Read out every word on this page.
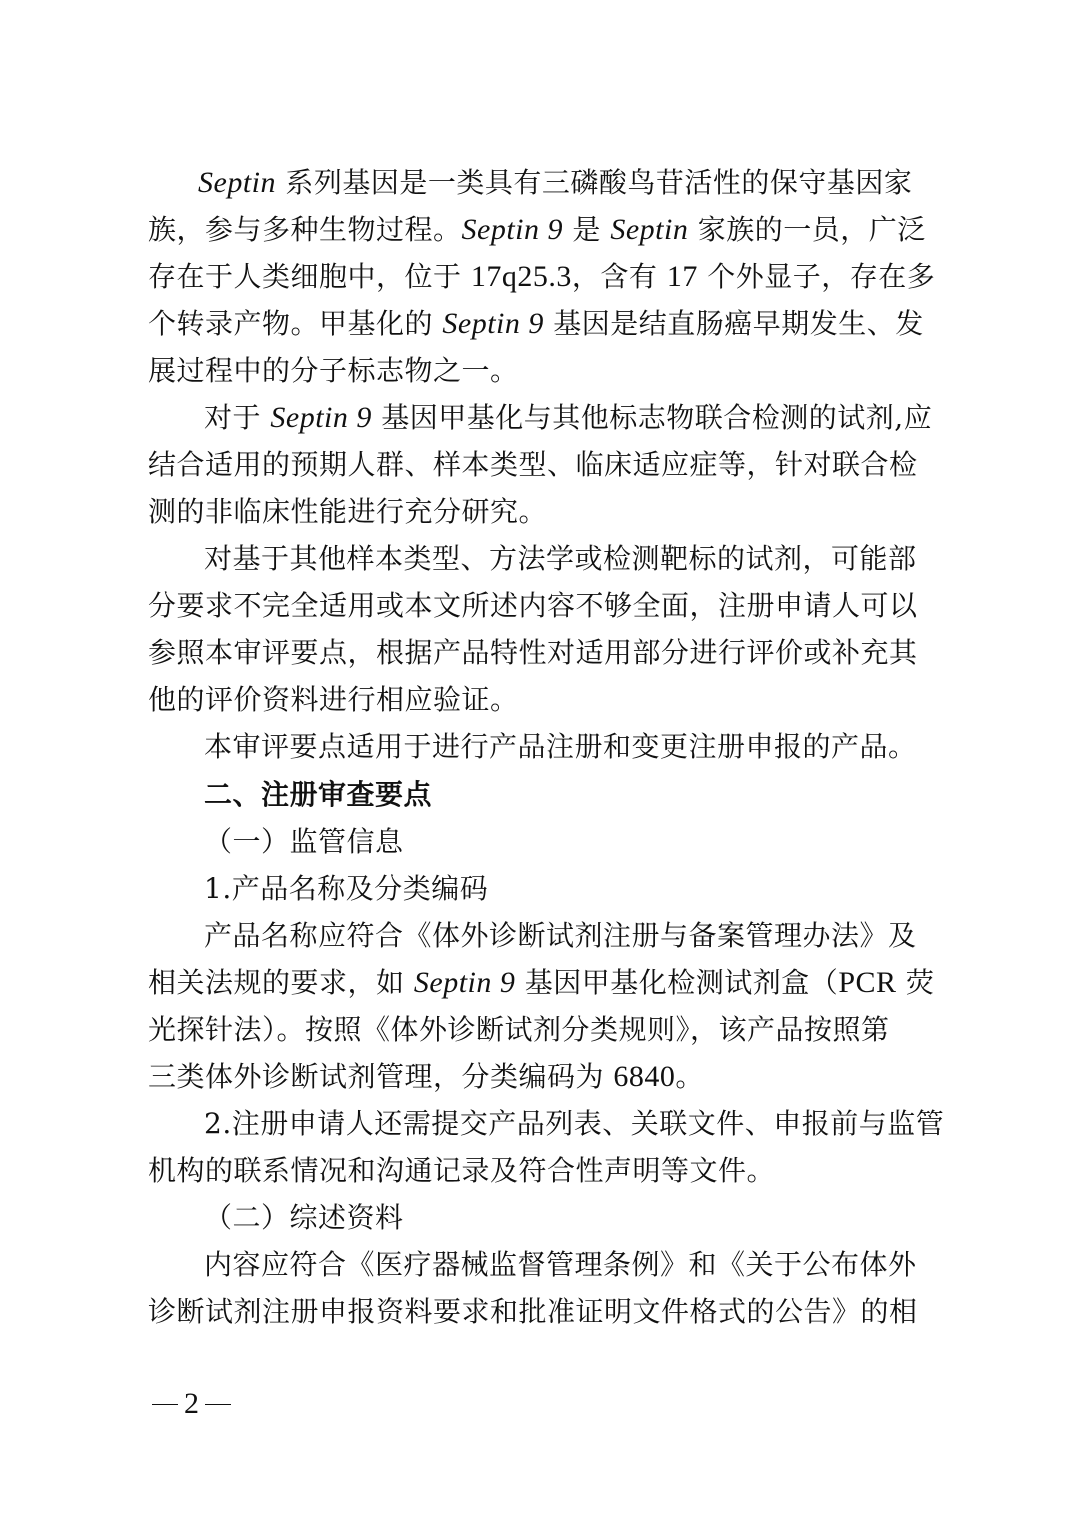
Septin 系列基因是一类具有三磷酸鸟苷活性的保守基因家
族，参与多种生物过程。Septin 9 是 Septin 家族的一员，广泛
存在于人类细胞中，位于 17q25.3，含有 17 个外显子，存在多
个转录产物。甲基化的 Septin 9 基因是结直肠癌早期发生、发
展过程中的分子标志物之一。
对于 Septin 9 基因甲基化与其他标志物联合检测的试剂,应
结合适用的预期人群、样本类型、临床适应症等，针对联合检
测的非临床性能进行充分研究。
对基于其他样本类型、方法学或检测靶标的试剂，可能部
分要求不完全适用或本文所述内容不够全面，注册申请人可以
参照本审评要点，根据产品特性对适用部分进行评价或补充其
他的评价资料进行相应验证。
本审评要点适用于进行产品注册和变更注册申报的产品。
二、注册审查要点
（一）监管信息
1.产品名称及分类编码
产品名称应符合《体外诊断试剂注册与备案管理办法》及
相关法规的要求，如 Septin 9 基因甲基化检测试剂盒（PCR 荧
光探针法）。按照《体外诊断试剂分类规则》，该产品按照第
三类体外诊断试剂管理，分类编码为 6840。
2.注册申请人还需提交产品列表、关联文件、申报前与监管
机构的联系情况和沟通记录及符合性声明等文件。
（二）综述资料
内容应符合《医疗器械监督管理条例》和《关于公布体外
诊断试剂注册申报资料要求和批准证明文件格式的公告》的相
2
